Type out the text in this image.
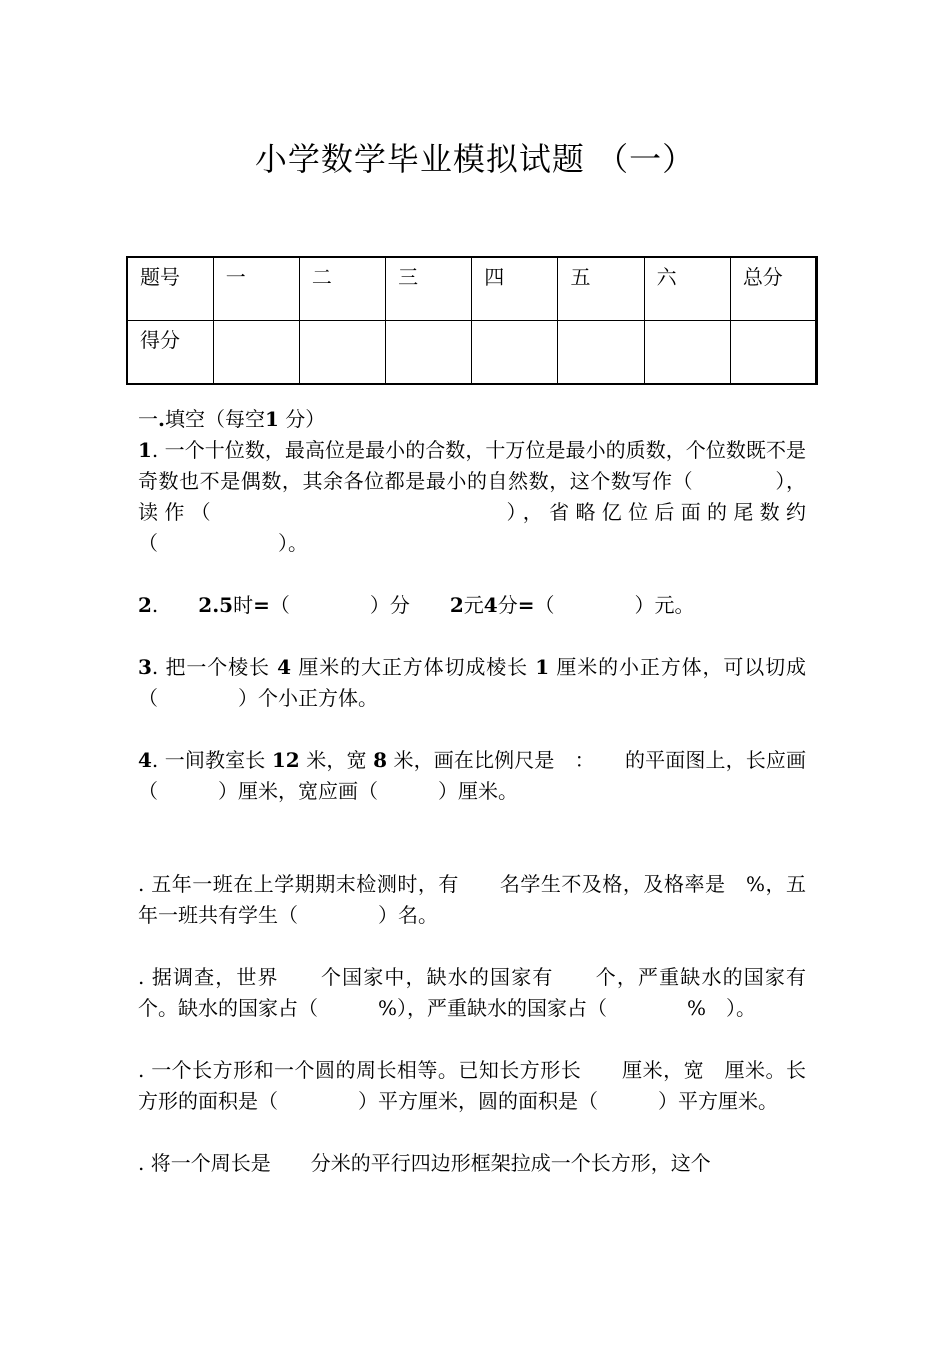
小学数学毕业模拟试题 （一）
题号	一	二	三	四	五	六	总分
得分							

一.填空（每空1 分）

1. 一个十位数，最高位是最小的合数，十万位是最小的质数，个位数既不是奇数也不是偶数，其余各位都是最小的自然数，这个数写作（　　　　），读作（　　　　　　　　　　　），省略亿位后面的尾数约（　　　　　　）。

2.　　 2.5时=（　　　　）分　　2元4分=（　　　　）元。

3. 把一个棱长 4 厘米的大正方体切成棱长 1 厘米的小正方体，可以切成（　　　　）个小正方体。

4. 一间教室长 12 米，宽 8 米，画在比例尺是　：　　的平面图上，长应画（　　　）厘米，宽应画（　　　）厘米。

. 五年一班在上学期期末检测时，有　　名学生不及格，及格率是　%，五年一班共有学生（　　　　）名。

. 据调查，世界　　个国家中，缺水的国家有　　个，严重缺水的国家有　　个。缺水的国家占（　　　%），严重缺水的国家占（　　　　%　）。

. 一个长方形和一个圆的周长相等。已知长方形长　　厘米，宽　厘米。长方形的面积是（　　　　）平方厘米，圆的面积是（　　　）平方厘米。

. 将一个周长是　　分米的平行四边形框架拉成一个长方形，这个
